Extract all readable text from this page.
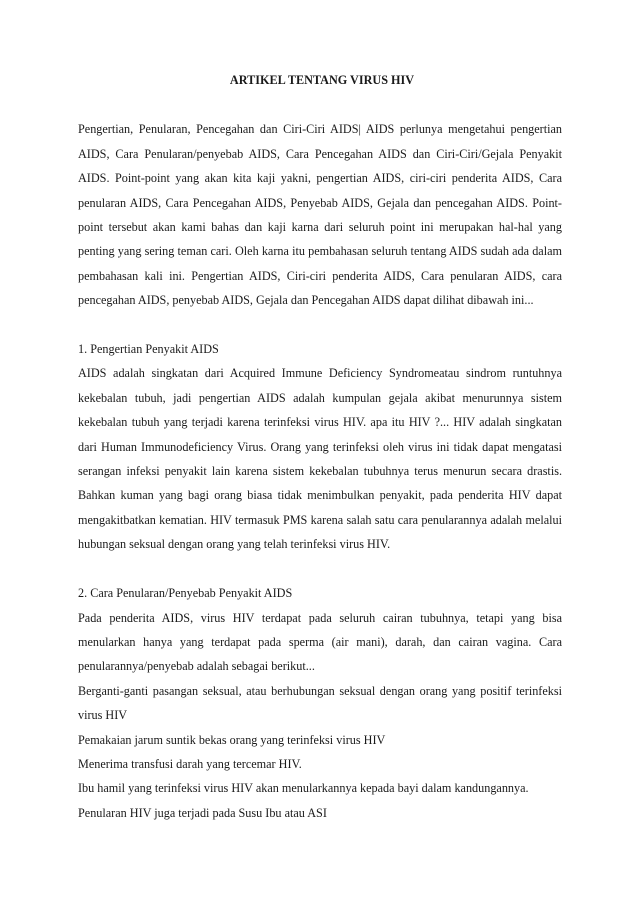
ARTIKEL TENTANG VIRUS HIV

Pengertian, Penularan, Pencegahan dan Ciri-Ciri AIDS| AIDS perlunya mengetahui pengertian AIDS, Cara Penularan/penyebab AIDS, Cara Pencegahan AIDS dan Ciri-Ciri/Gejala Penyakit AIDS. Point-point yang akan kita kaji yakni, pengertian AIDS, ciri-ciri penderita AIDS, Cara penularan AIDS, Cara Pencegahan AIDS, Penyebab AIDS, Gejala dan pencegahan AIDS. Point-point tersebut akan kami bahas dan kaji karna dari seluruh point ini merupakan hal-hal yang penting yang sering teman cari. Oleh karna itu pembahasan seluruh tentang AIDS sudah ada dalam pembahasan kali ini. Pengertian AIDS, Ciri-ciri penderita AIDS, Cara penularan AIDS, cara pencegahan AIDS, penyebab AIDS, Gejala dan Pencegahan AIDS dapat dilihat dibawah ini...

1. Pengertian Penyakit AIDS

AIDS adalah singkatan dari Acquired Immune Deficiency Syndromeatau sindrom runtuhnya kekebalan tubuh, jadi pengertian AIDS adalah kumpulan gejala akibat menurunnya sistem kekebalan tubuh yang terjadi karena terinfeksi virus HIV. apa itu HIV ?... HIV adalah singkatan dari Human Immunodeficiency Virus. Orang yang terinfeksi oleh virus ini tidak dapat mengatasi serangan infeksi penyakit lain karena sistem kekebalan tubuhnya terus menurun secara drastis. Bahkan kuman yang bagi orang biasa tidak menimbulkan penyakit, pada penderita HIV dapat mengakitbatkan kematian. HIV termasuk PMS karena salah satu cara penularannya adalah melalui hubungan seksual dengan orang yang telah terinfeksi virus HIV.

2. Cara Penularan/Penyebab Penyakit AIDS

Pada penderita AIDS, virus HIV terdapat pada seluruh cairan tubuhnya, tetapi yang bisa menularkan hanya yang terdapat pada sperma (air mani), darah, dan cairan vagina. Cara penularannya/penyebab adalah sebagai berikut...

Berganti-ganti pasangan seksual, atau berhubungan seksual dengan orang yang positif terinfeksi virus HIV

Pemakaian jarum suntik bekas orang yang terinfeksi virus HIV

Menerima transfusi darah yang tercemar HIV.

Ibu hamil yang terinfeksi virus HIV akan menularkannya kepada bayi dalam kandungannya.

Penularan HIV juga terjadi pada Susu Ibu atau ASI
